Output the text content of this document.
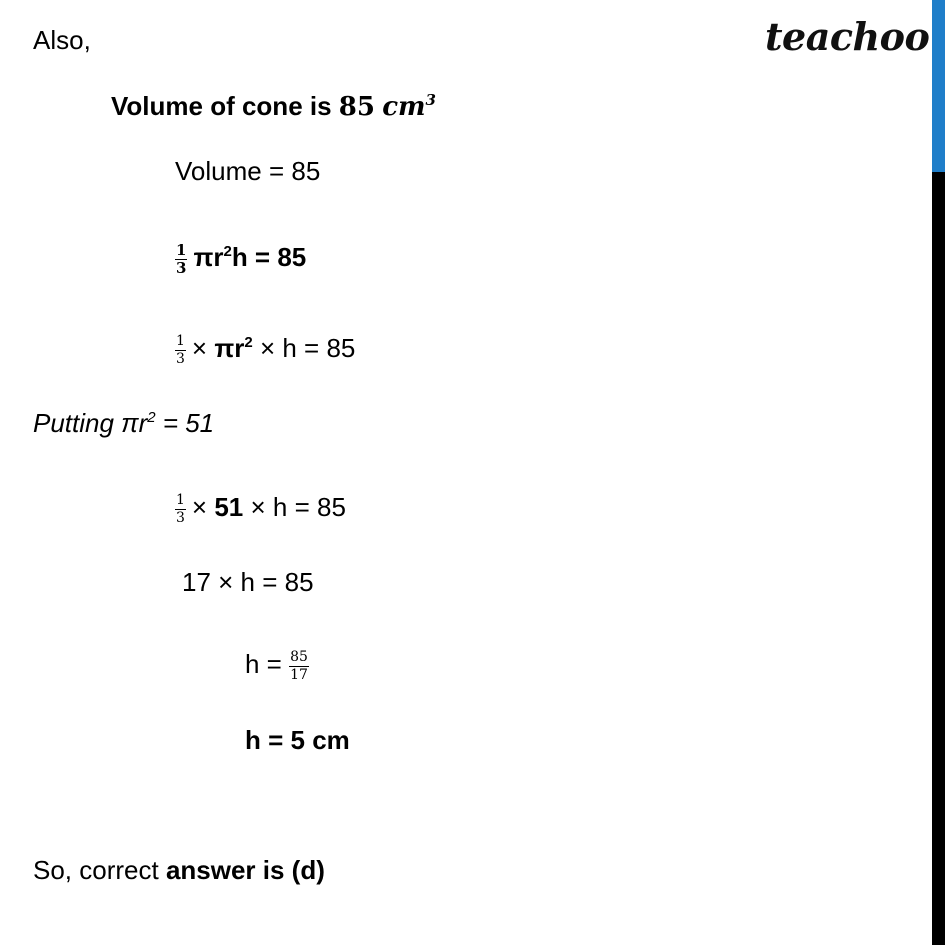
teachoo
Also,
Volume of cone is 85 $cm^3$
Volume = 85
$\frac{1}{3} \pi r^2h = 85$
$\frac{1}{3} \times \pi r^2 \times h = 85$
Putting $\pi r^2 = 51$
$\frac{1}{3} \times 51 \times h = 85$
17 × h = 85
$h = \frac{85}{17}$
h = 5 cm
So, correct answer is (d)
